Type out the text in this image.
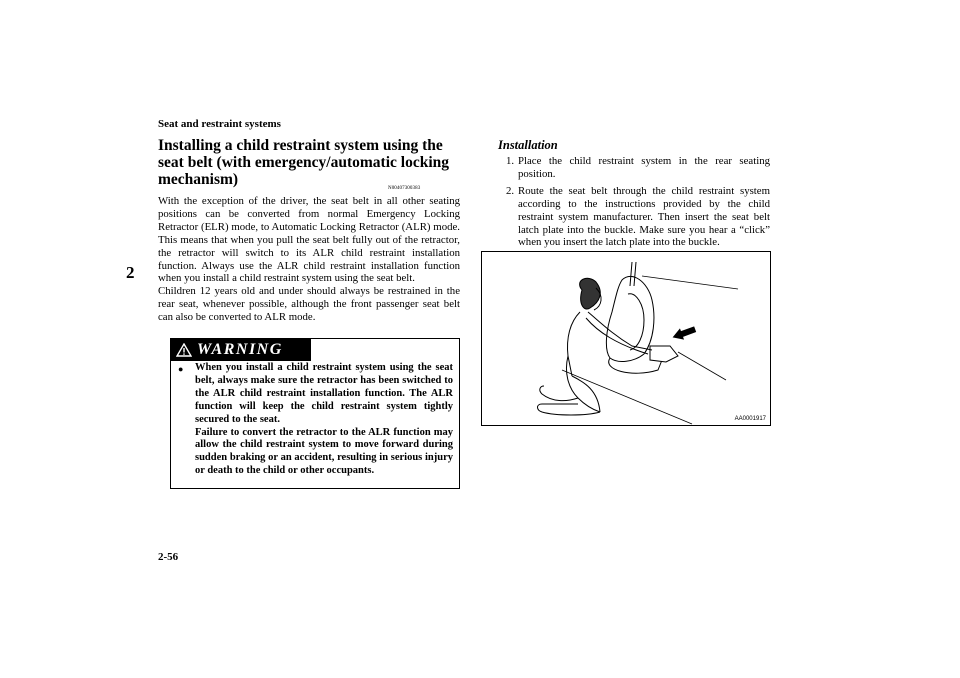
Seat and restraint systems
2
Installing a child restraint system using the seat belt (with emergency/automatic locking mechanism)
N00407300383

With the exception of the driver, the seat belt in all other seating positions can be converted from normal Emergency Locking Retractor (ELR) mode, to Automatic Locking Retractor (ALR) mode. This means that when you pull the seat belt fully out of the retractor, the retractor will switch to its ALR child restraint installation function. Always use the ALR child restraint installation function when you install a child restraint system using the seat belt.

Children 12 years old and under should always be restrained in the rear seat, whenever possible, although the front passenger seat belt can also be converted to ALR mode.

WARNING
● When you install a child restraint system using the seat belt, always make sure the retractor has been switched to the ALR child restraint installation function. The ALR function will keep the child restraint system tightly secured to the seat.

Failure to convert the retractor to the ALR function may allow the child restraint system to move forward during sudden braking or an accident, resulting in serious injury or death to the child or other occupants.

Installation
1. Place the child restraint system in the rear seating position.
2. Route the seat belt through the child restraint system according to the instructions provided by the child restraint system manufacturer. Then insert the seat belt latch plate into the buckle. Make sure you hear a “click” when you insert the latch plate into the buckle.
AA0001917
2-56
